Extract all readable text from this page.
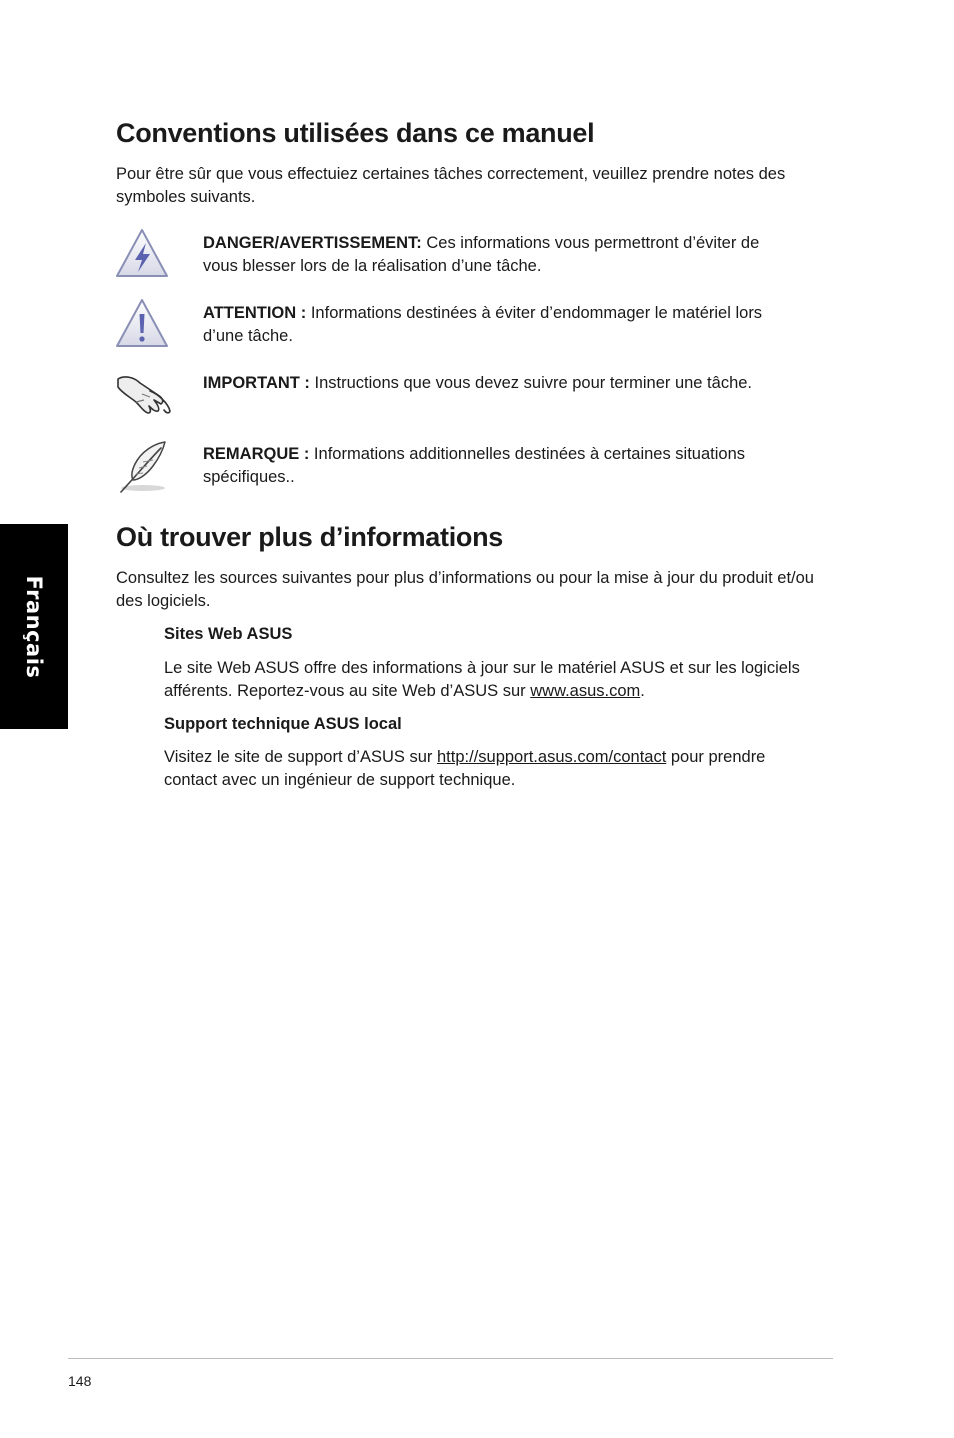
Conventions utilisées dans ce manuel

Pour être sûr que vous effectuiez certaines tâches correctement, veuillez prendre notes des symboles suivants.

DANGER/AVERTISSEMENT: Ces informations vous permettront d’éviter de
vous blesser lors de la réalisation d’une tâche.
ATTENTION : Informations destinées à éviter d’endommager le matériel lors
d’une tâche.
IMPORTANT : Instructions que vous devez suivre pour terminer une tâche.
REMARQUE : Informations additionnelles destinées à certaines situations
spécifiques..
Où trouver plus d’informations

Consultez les sources suivantes pour plus d’informations ou pour la mise à jour du produit et/ou des logiciels.

Sites Web ASUS
Le site Web ASUS offre des informations à jour sur le matériel ASUS et sur les logiciels
afférents. Reportez-vous au site Web d’ASUS sur www.asus.com.
Support technique ASUS local
Visitez le site de support d’ASUS sur http://support.asus.com/contact pour prendre
contact avec un ingénieur de support technique.
Français
148
